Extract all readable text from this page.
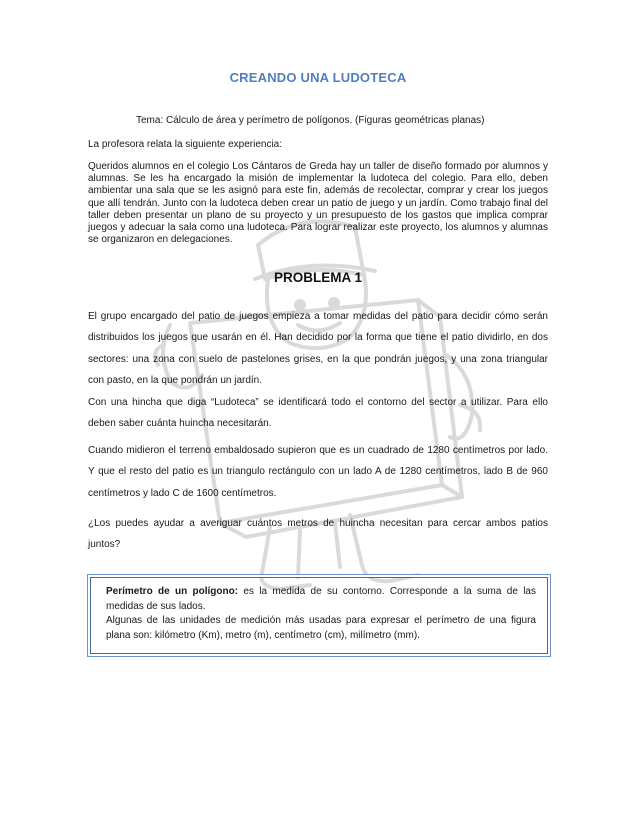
CREANDO UNA LUDOTECA
Tema: Cálculo de área y perímetro de polígonos. (Figuras geométricas planas)
La profesora relata la siguiente experiencia:
Queridos alumnos en el colegio Los Cántaros de Greda hay un taller de diseño formado por alumnos y alumnas. Se les ha encargado la misión de implementar la ludoteca del colegio. Para ello, deben ambientar una sala que se les asignó para este fin, además de recolectar, comprar y crear los juegos que allí tendrán. Junto con la ludoteca deben crear un patio de juego y un jardín. Como trabajo final del taller deben presentar un plano de su proyecto y un presupuesto de los gastos que implica comprar juegos y adecuar la sala como una ludoteca. Para lograr realizar este proyecto, los alumnos y alumnas se organizaron en delegaciones.
PROBLEMA 1
El grupo encargado del patio de juegos empieza a tomar medidas del patio para decidir cómo serán distribuidos los juegos que usarán en él. Han decidido por la forma que tiene el patio dividirlo, en dos sectores: una zona con suelo de pastelones grises, en la que pondrán juegos, y una zona triangular con pasto, en la que pondrán un jardín.
Con una hincha que diga “Ludoteca” se identificará todo el contorno del sector a utilizar. Para ello deben saber cuánta huincha necesitarán.
Cuando midieron el terreno embaldosado supieron que es un cuadrado de 1280 centímetros por lado. Y que el resto del patio es un triangulo rectángulo con un lado A de 1280 centímetros, lado B de 960 centímetros y lado C de 1600 centímetros.
¿Los puedes ayudar a averiguar cuántos metros de huincha necesitan para cercar ambos patios juntos?
Perímetro de un polígono: es la medida de su contorno. Corresponde a la suma de las medidas de sus lados.
Algunas de las unidades de medición más usadas para expresar el perímetro de una figura plana son: kilómetro (Km), metro (m), centímetro (cm), milímetro (mm).
